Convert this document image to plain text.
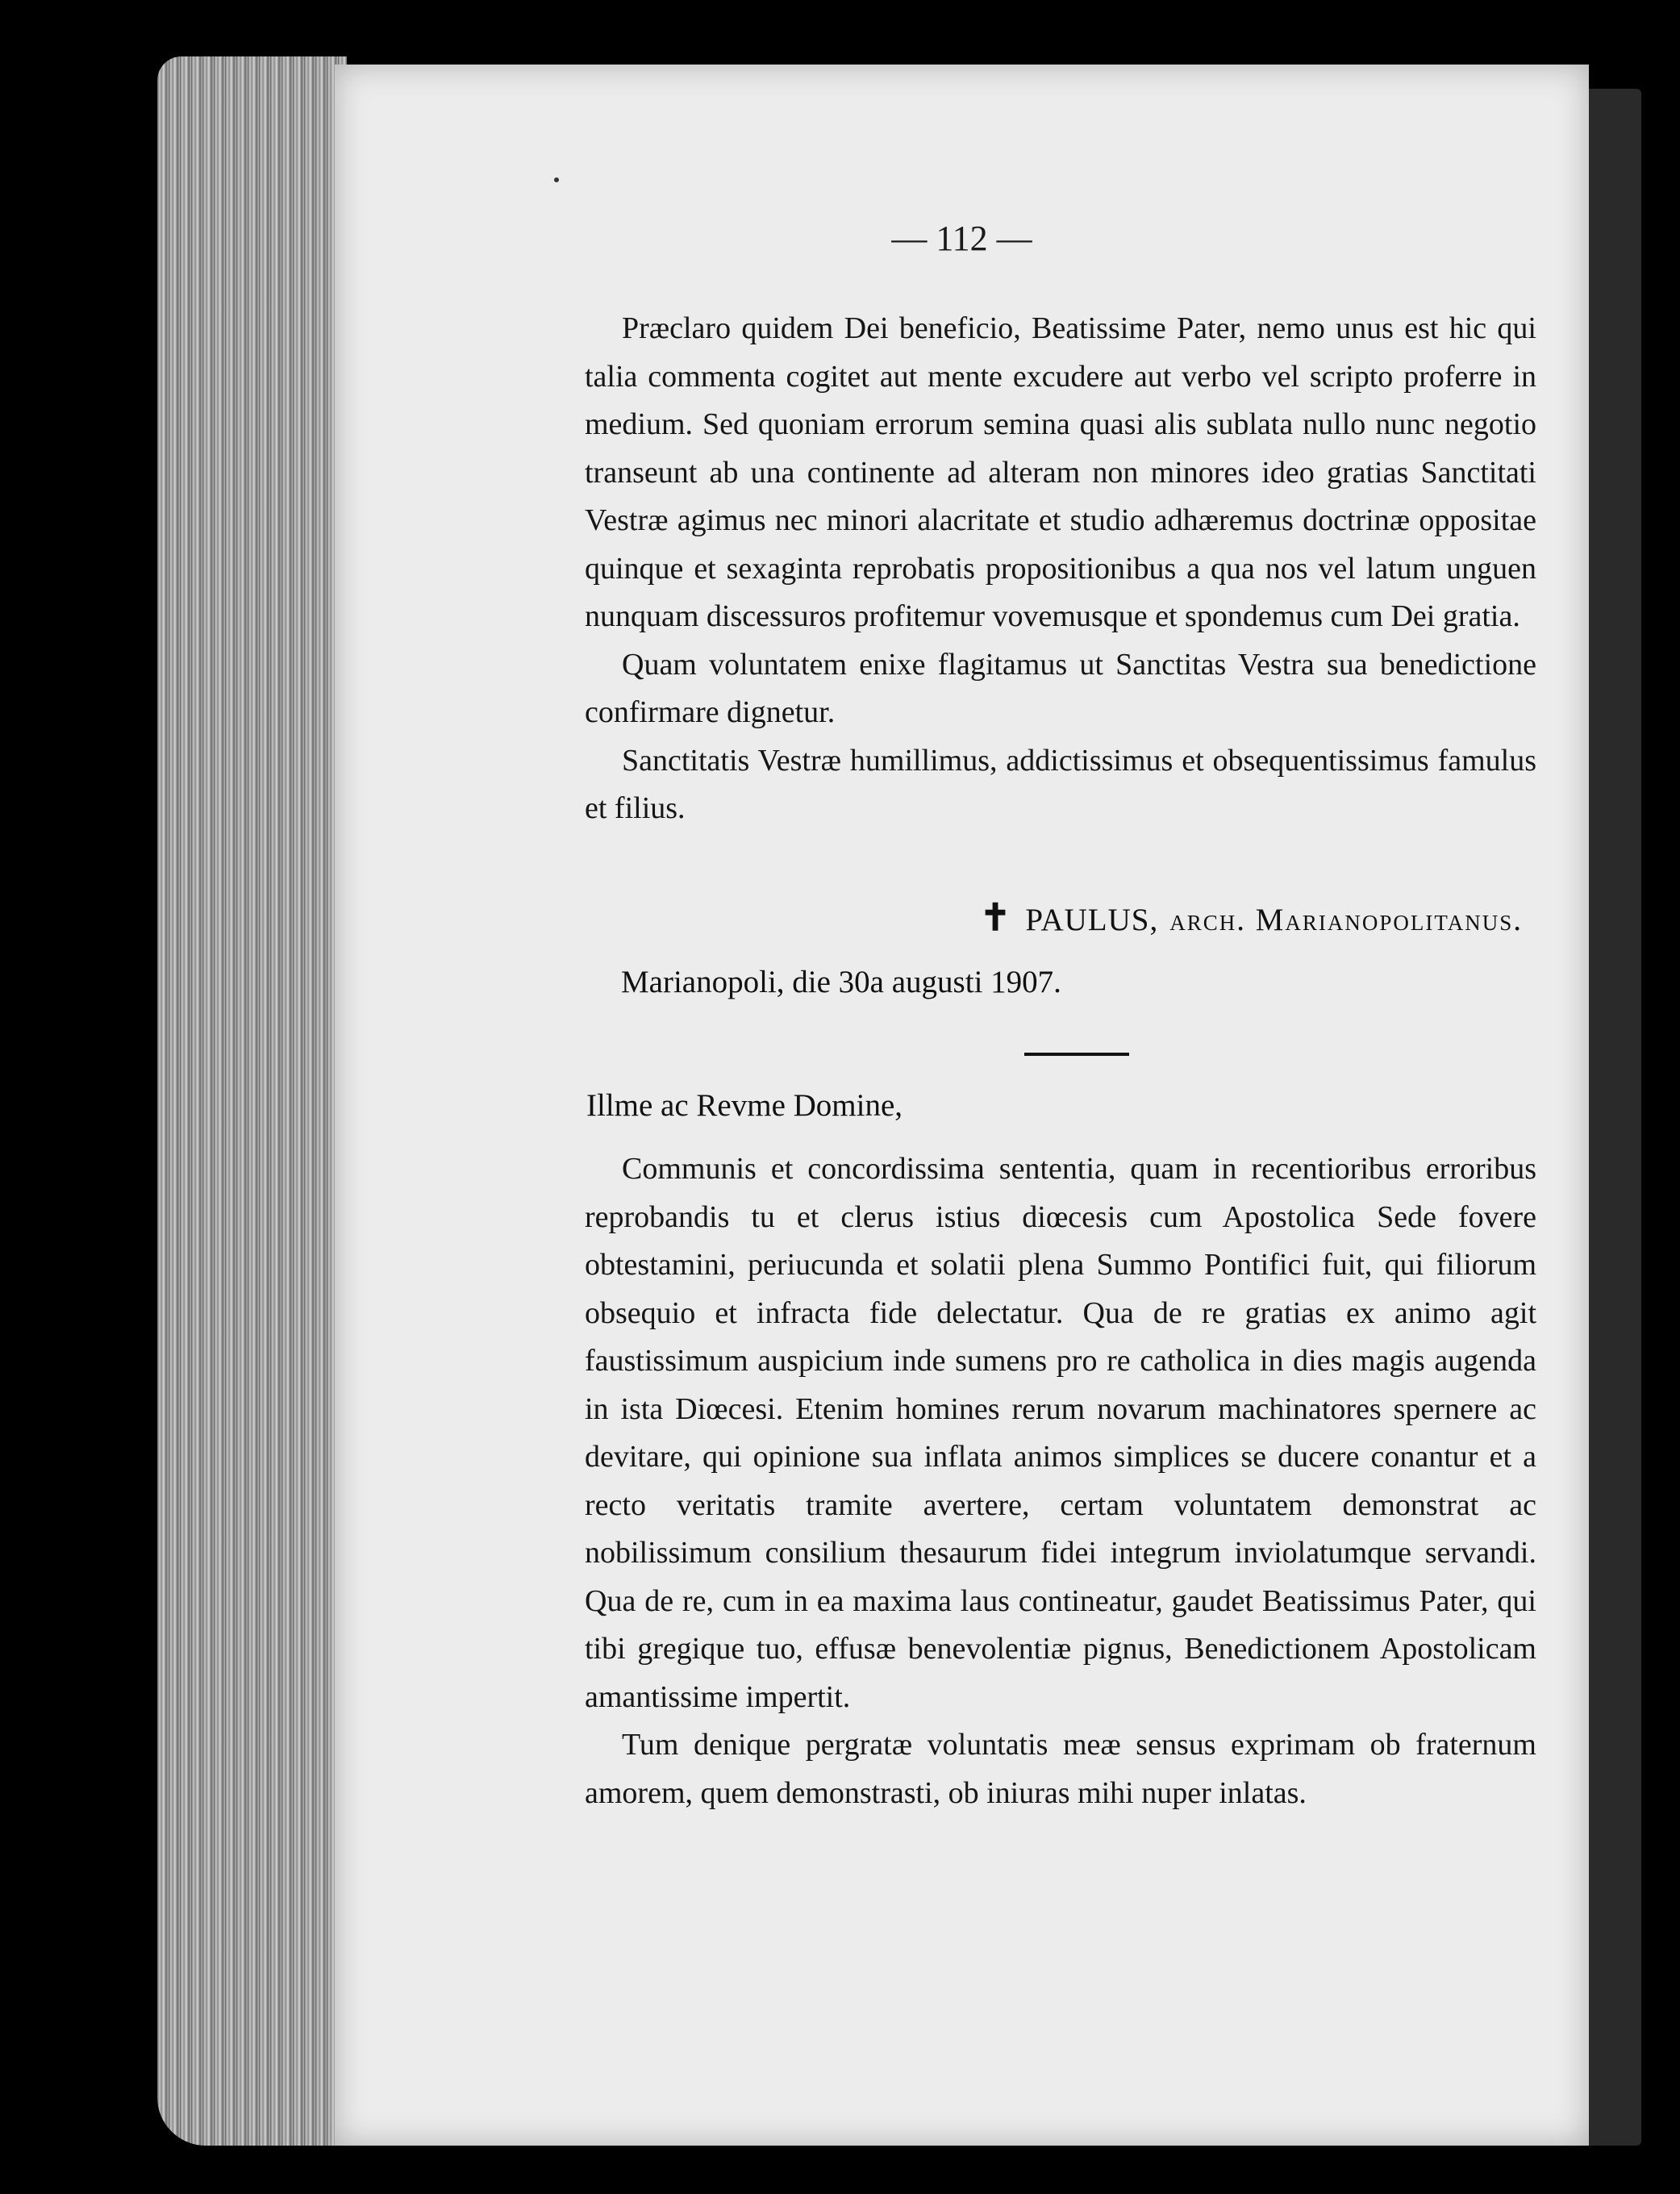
— 112 —

Præclaro quidem Dei beneficio, Beatissime Pater, nemo unus est hic qui talia commenta cogitet aut mente excudere aut verbo vel scripto proferre in medium. Sed quoniam errorum semina quasi alis sublata nullo nunc negotio transeunt ab una continente ad alteram non minores ideo gratias Sanctitati Vestræ agimus nec minori alacritate et studio adhæremus doctrinæ oppositae quinque et sexaginta reprobatis propositionibus a qua nos vel latum unguen nunquam discessuros profitemur vovemusque et spondemus cum Dei gratia.

Quam voluntatem enixe flagitamus ut Sanctitas Vestra sua benedictione confirmare dignetur.

Sanctitatis Vestræ humillimus, addictissimus et obsequentissimus famulus et filius.

✝ PAULUS, arch. Marianopolitanus.
Marianopoli, die 30a augusti 1907.
Illme ac Revme Domine,

Communis et concordissima sententia, quam in recentioribus erroribus reprobandis tu et clerus istius diœcesis cum Apostolica Sede fovere obtestamini, periucunda et solatii plena Summo Pontifici fuit, qui filiorum obsequio et infracta fide delectatur. Qua de re gratias ex animo agit faustissimum auspicium inde sumens pro re catholica in dies magis augenda in ista Diœcesi. Etenim homines rerum novarum machinatores spernere ac devitare, qui opinione sua inflata animos simplices se ducere conantur et a recto veritatis tramite avertere, certam voluntatem demonstrat ac nobilissimum consilium thesaurum fidei integrum inviolatumque servandi. Qua de re, cum in ea maxima laus contineatur, gaudet Beatissimus Pater, qui tibi gregique tuo, effusæ benevolentiæ pignus, Benedictionem Apostolicam amantissime impertit.

Tum denique pergratæ voluntatis meæ sensus exprimam ob fraternum amorem, quem demonstrasti, ob iniuras mihi nuper inlatas.
